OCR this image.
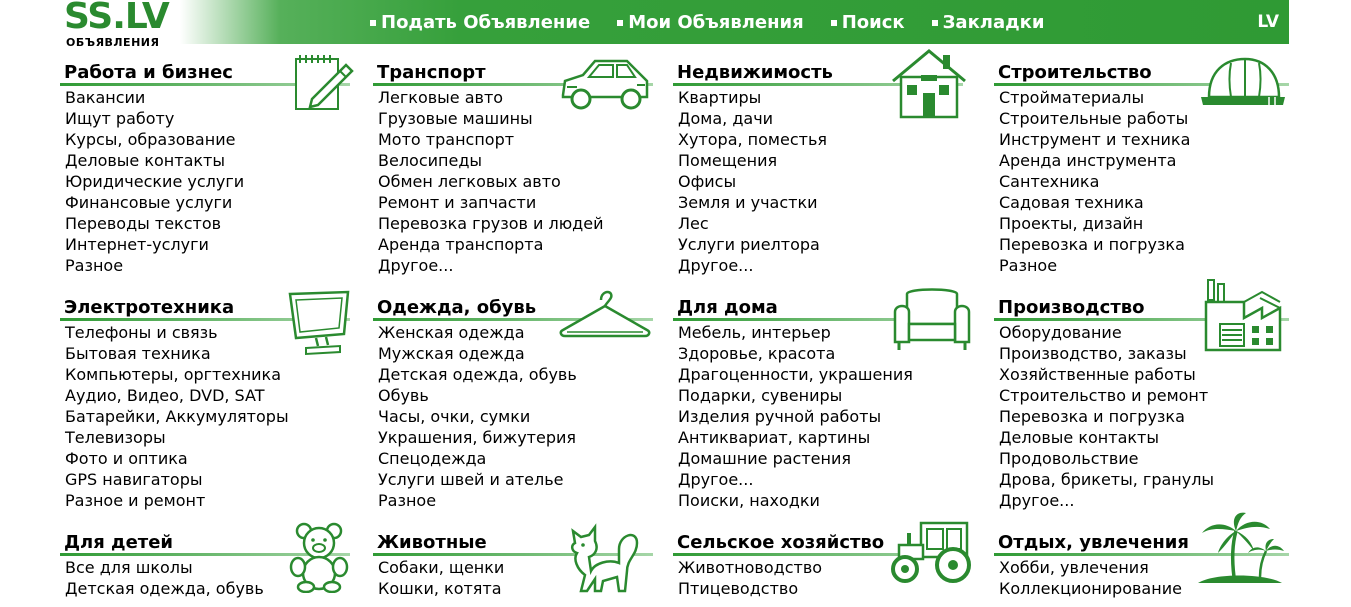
SS.LV
ОБЪЯВЛЕНИЯ
Подать Объявление Мои Объявления Поиск Закладки	LV
Работа и бизнес
Вакансии
Ищут работу
Курсы, образование
Деловые контакты
Юридические услуги
Финансовые услуги
Переводы текстов
Интернет-услуги
Разное
Транспорт
Легковые авто
Грузовые машины
Мото транспорт
Велосипеды
Обмен легковых авто
Ремонт и запчасти
Перевозка грузов и людей
Аренда транспорта
Другое...
Недвижимость
Квартиры
Дома, дачи
Хутора, поместья
Помещения
Офисы
Земля и участки
Лес
Услуги риелтора
Другое...
Строительство
Стройматериалы
Строительные работы
Инструмент и техника
Аренда инструмента
Сантехника
Садовая техника
Проекты, дизайн
Перевозка и погрузка
Разное
Электротехника
Телефоны и связь
Бытовая техника
Компьютеры, оргтехника
Аудио, Видео, DVD, SAT
Батарейки, Аккумуляторы
Телевизоры
Фото и оптика
GPS навигаторы
Разное и ремонт
Одежда, обувь
Женская одежда
Мужская одежда
Детская одежда, обувь
Обувь
Часы, очки, сумки
Украшения, бижутерия
Спецодежда
Услуги швей и ателье
Разное
Для дома
Мебель, интерьер
Здоровье, красота
Драгоценности, украшения
Подарки, сувениры
Изделия ручной работы
Антиквариат, картины
Домашние растения
Другое...
Поиски, находки
Производство
Оборудование
Производство, заказы
Хозяйственные работы
Строительство и ремонт
Перевозка и погрузка
Деловые контакты
Продовольствие
Дрова, брикеты, гранулы
Другое...
Для детей
Все для школы
Детская одежда, обувь
Животные
Собаки, щенки
Кошки, котята
Сельское хозяйство
Животноводство
Птицеводство
Отдых, увлечения
Хобби, увлечения
Коллекционирование
